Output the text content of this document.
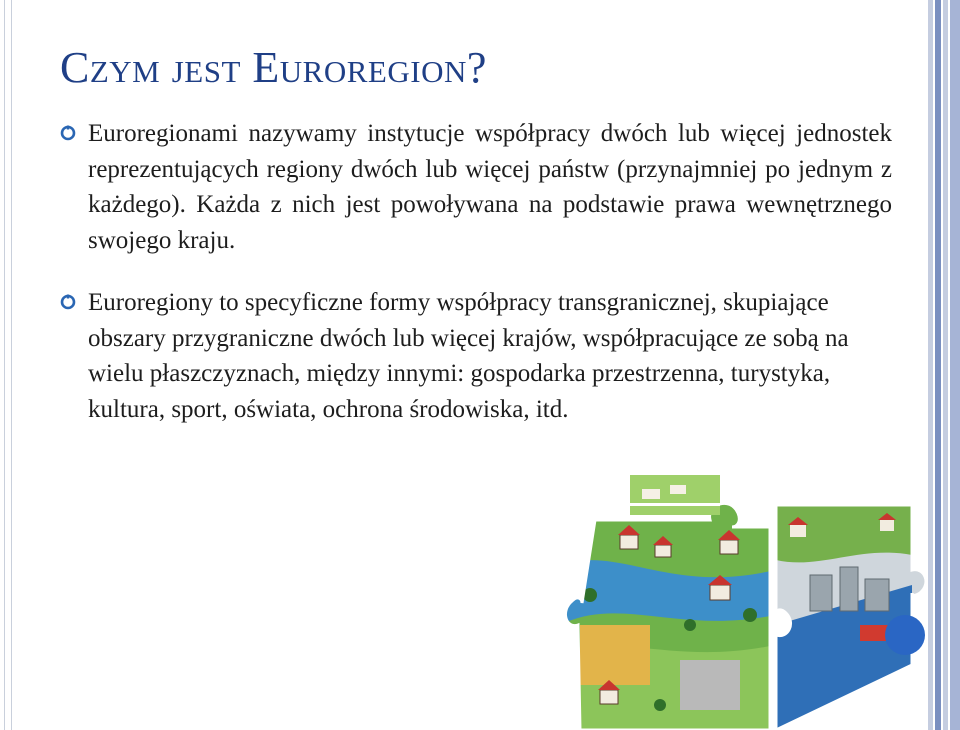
Czym jest Euroregion?

Euroregionami nazywamy instytucje współpracy dwóch lub więcej jednostek reprezentujących regiony dwóch lub więcej państw (przynajmniej po jednym z każdego). Każda z nich jest powoływana na podstawie prawa wewnętrznego swojego kraju.

Euroregiony to specyficzne formy współpracy transgranicznej, skupiające obszary przygraniczne dwóch lub więcej krajów, współpracujące ze sobą na wielu płaszczyznach, między innymi: gospodarka przestrzenna, turystyka, kultura, sport, oświata, ochrona środowiska, itd.
